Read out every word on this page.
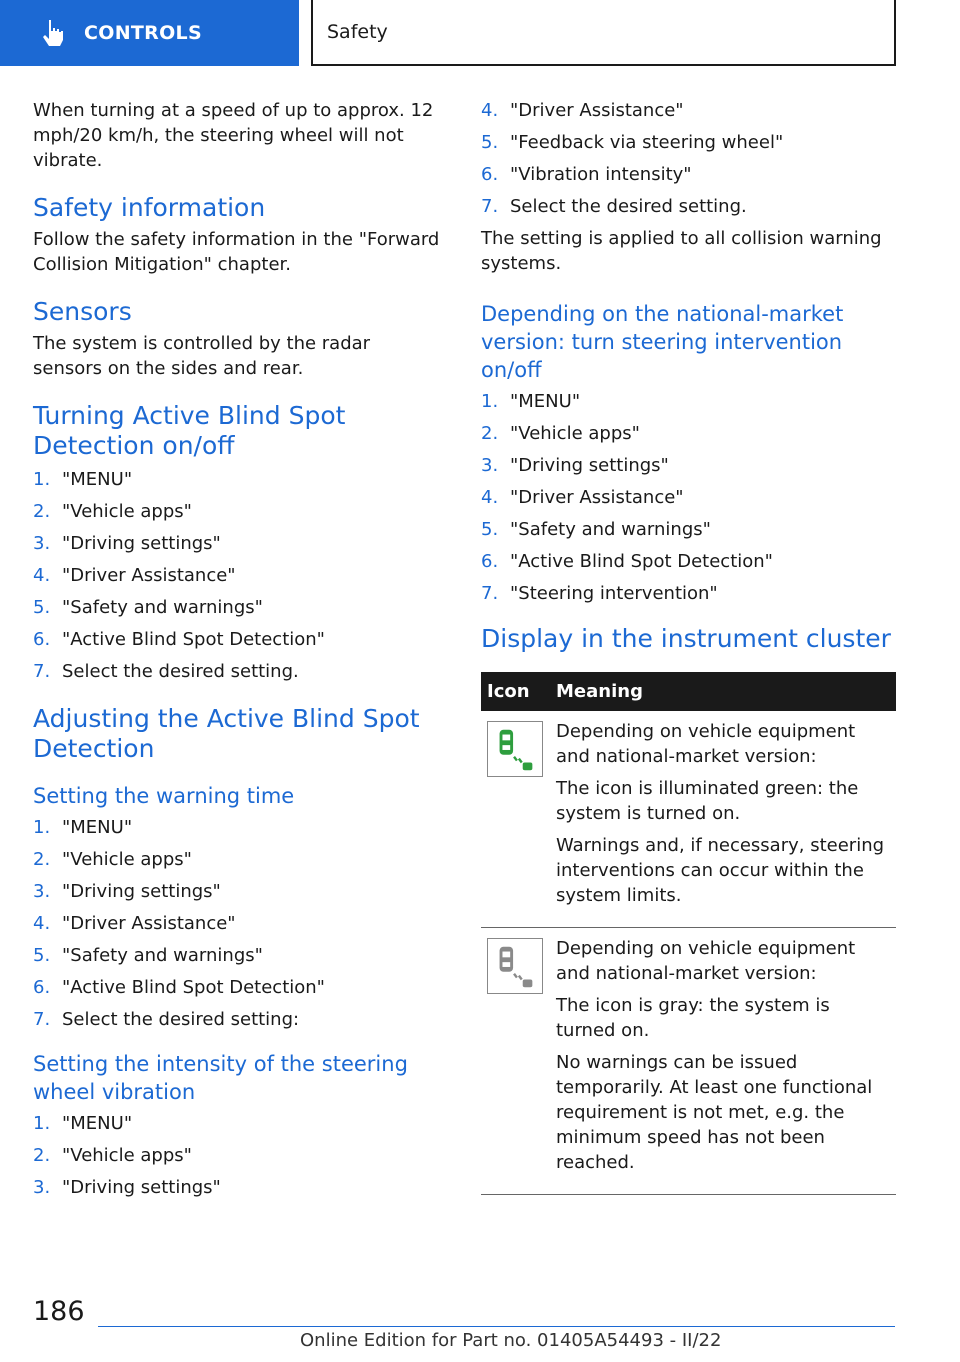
CONTROLS	Safety

When turning at a speed of up to approx. 12 mph/20 km/h, the steering wheel will not vibrate.

Safety information

Follow the safety information in the "Forward Collision Mitigation" chapter.

Sensors

The system is controlled by the radar sensors on the sides and rear.

Turning Active Blind Spot Detection on/off
1. "MENU"
2. "Vehicle apps"
3. "Driving settings"
4. "Driver Assistance"
5. "Safety and warnings"
6. "Active Blind Spot Detection"
7. Select the desired setting.
Adjusting the Active Blind Spot Detection
Setting the warning time
1. "MENU"
2. "Vehicle apps"
3. "Driving settings"
4. "Driver Assistance"
5. "Safety and warnings"
6. "Active Blind Spot Detection"
7. Select the desired setting:
Setting the intensity of the steering wheel vibration
1. "MENU"
2. "Vehicle apps"
3. "Driving settings"
4. "Driver Assistance"
5. "Feedback via steering wheel"
6. "Vibration intensity"
7. Select the desired setting.

The setting is applied to all collision warning systems.

Depending on the national-market version: turn steering intervention on/off
1. "MENU"
2. "Vehicle apps"
3. "Driving settings"
4. "Driver Assistance"
5. "Safety and warnings"
6. "Active Blind Spot Detection"
7. "Steering intervention"
Display in the instrument cluster
Icon	Meaning

Depending on vehicle equipment and national-market version:
The icon is illuminated green: the system is turned on.
Warnings and, if necessary, steering interventions can occur within the system limits.

Depending on vehicle equipment and national-market version:
The icon is gray: the system is turned on.
No warnings can be issued temporarily. At least one functional requirement is not met, e.g. the minimum speed has not been reached.
186
Online Edition for Part no. 01405A54493 - II/22
